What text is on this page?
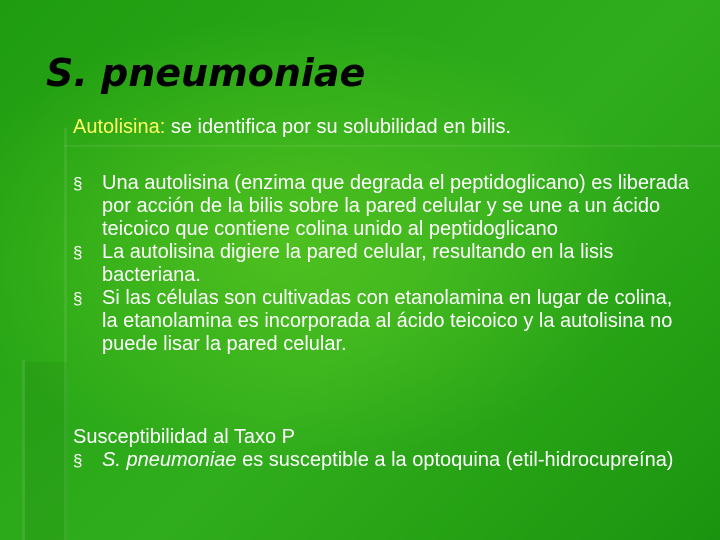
S. pneumoniae
Autolisina: se identifica por su solubilidad en bilis.
§ Una autolisina (enzima que degrada el peptidoglicano) es liberada por acción de la bilis sobre la pared celular y se une a un ácido teicoico que contiene colina unido al peptidoglicano
§ La autolisina digiere la pared celular, resultando en la lisis bacteriana.
§ Si las células son cultivadas con etanolamina en lugar de colina, la etanolamina es incorporada al ácido teicoico y la autolisina no puede lisar la pared celular.
Susceptibilidad al Taxo P
§ S. pneumoniae es susceptible a la optoquina (etil-hidrocupreína)
